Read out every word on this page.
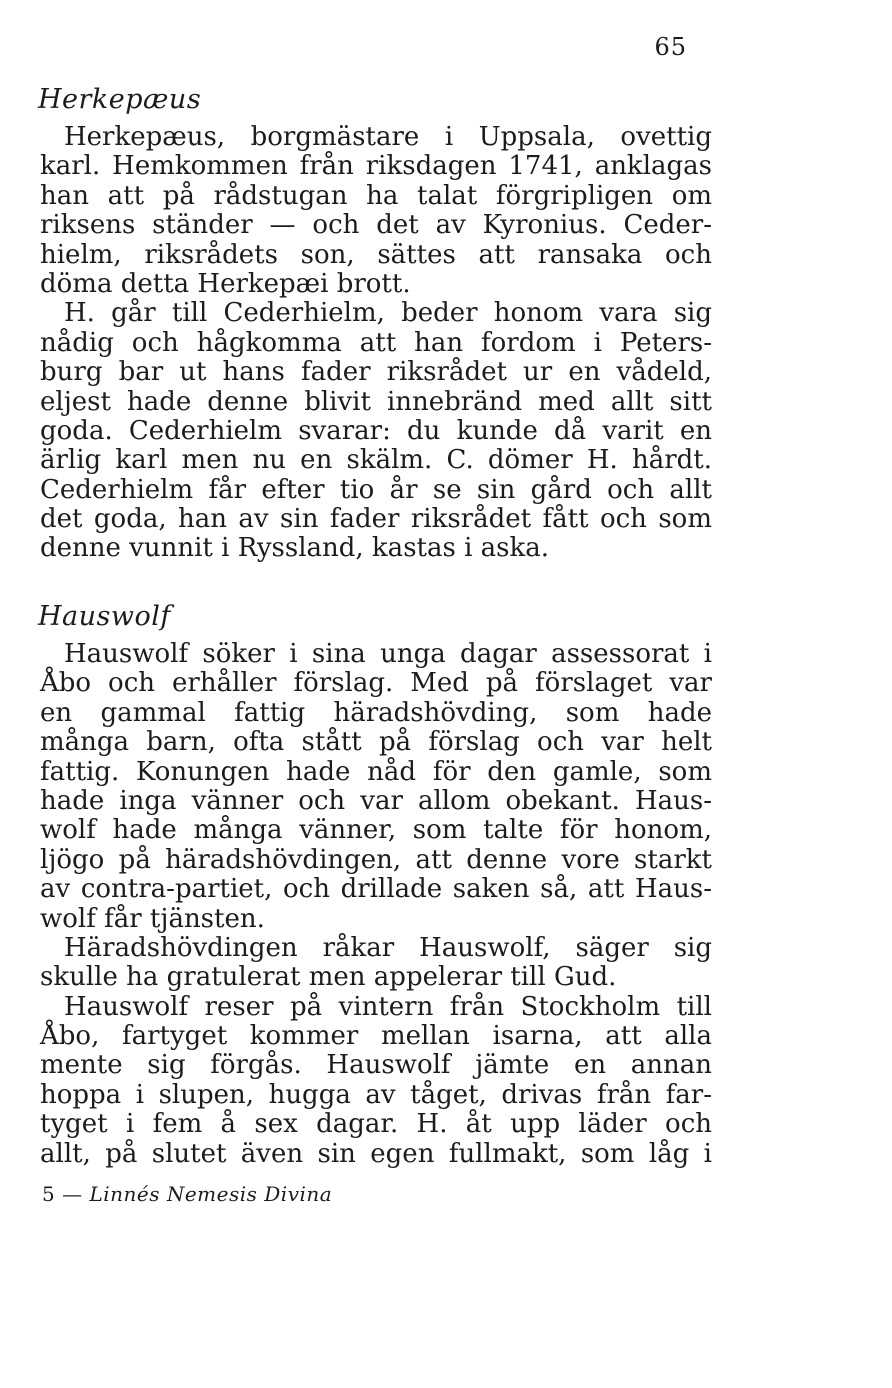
65
Herkepæus
Herkepæus, borgmästare i Uppsala, ovettig
karl. Hemkommen från riksdagen 1741, anklagas
han att på rådstugan ha talat förgripligen om
riksens ständer — och det av Kyronius. Ceder-
hielm, riksrådets son, sättes att ransaka och
döma detta Herkepæi brott.
H. går till Cederhielm, beder honom vara sig
nådig och hågkomma att han fordom i Peters-
burg bar ut hans fader riksrådet ur en vådeld,
eljest hade denne blivit innebränd med allt sitt
goda. Cederhielm svarar: du kunde då varit en
ärlig karl men nu en skälm. C. dömer H. hårdt.
Cederhielm får efter tio år se sin gård och allt
det goda, han av sin fader riksrådet fått och som
denne vunnit i Ryssland, kastas i aska.
Hauswolf
Hauswolf söker i sina unga dagar assessorat i
Åbo och erhåller förslag. Med på förslaget var
en gammal fattig häradshövding, som hade
många barn, ofta stått på förslag och var helt
fattig. Konungen hade nåd för den gamle, som
hade inga vänner och var allom obekant. Haus-
wolf hade många vänner, som talte för honom,
ljögo på häradshövdingen, att denne vore starkt
av contra-partiet, och drillade saken så, att Haus-
wolf får tjänsten.
Häradshövdingen råkar Hauswolf, säger sig
skulle ha gratulerat men appelerar till Gud.
Hauswolf reser på vintern från Stockholm till
Åbo, fartyget kommer mellan isarna, att alla
mente sig förgås. Hauswolf jämte en annan
hoppa i slupen, hugga av tåget, drivas från far-
tyget i fem å sex dagar. H. åt upp läder och
allt, på slutet även sin egen fullmakt, som låg i
5 — Linnés Nemesis Divina
